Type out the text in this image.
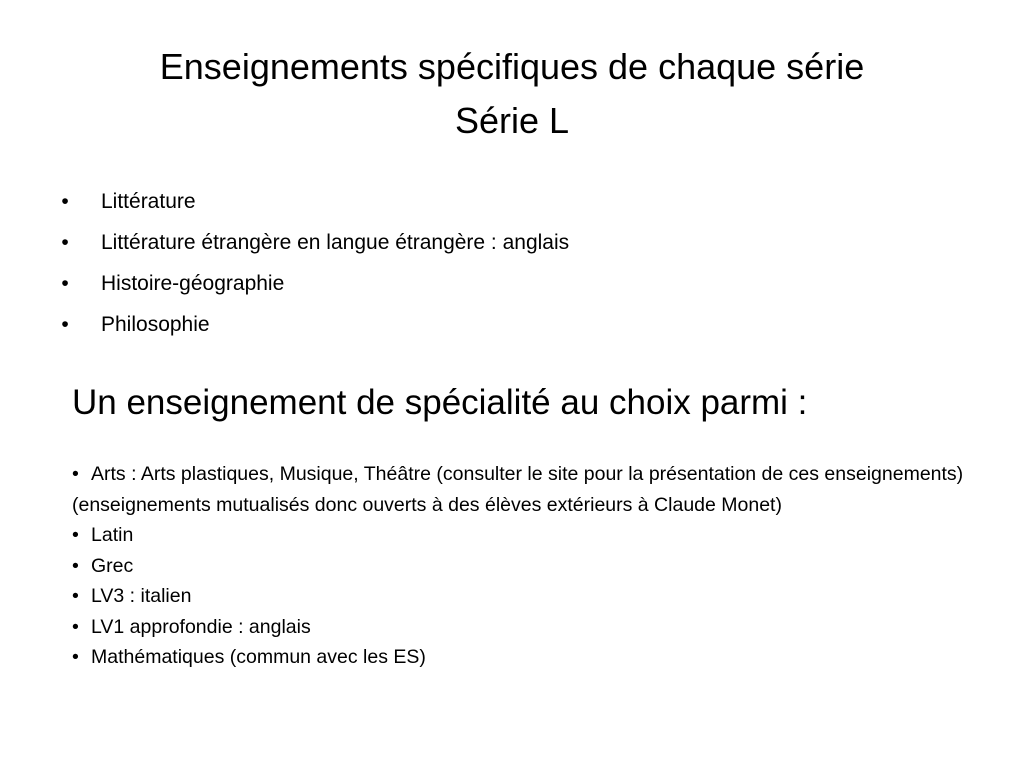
Enseignements spécifiques de chaque série
Série L
• Littérature
• Littérature étrangère en langue étrangère : anglais
• Histoire-géographie
• Philosophie
Un enseignement de spécialité au choix parmi :
• Arts : Arts plastiques, Musique, Théâtre (consulter le site pour la présentation de ces enseignements) (enseignements mutualisés donc ouverts à des élèves extérieurs à Claude Monet)
• Latin
• Grec
• LV3 : italien
• LV1 approfondie : anglais
• Mathématiques (commun avec les ES)
